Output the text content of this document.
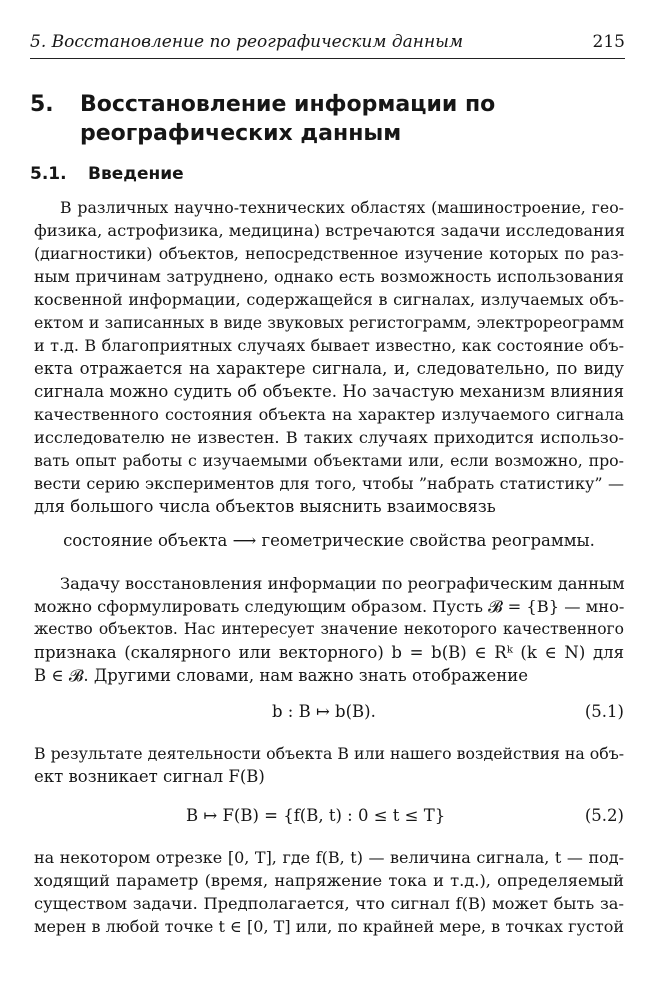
5. Восстановление по реографическим данным	215
5. Восстановление информации по реографических данным
5.1. Введение
В различных научно-технических областях (машиностроение, гео-
физика, астрофизика, медицина) встречаются задачи исследования
(диагностики) объектов, непосредственное изучение которых по раз-
ным причинам затруднено, однако есть возможность использования
косвенной информации, содержащейся в сигналах, излучаемых объ-
ектом и записанных в виде звуковых регистограмм, электрореограмм
и т.д. В благоприятных случаях бывает известно, как состояние объ-
екта отражается на характере сигнала, и, следовательно, по виду
сигнала можно судить об объекте. Но зачастую механизм влияния
качественного состояния объекта на характер излучаемого сигнала
исследователю не известен. В таких случаях приходится использо-
вать опыт работы с изучаемыми объектами или, если возможно, про-
вести серию экспериментов для того, чтобы ”набрать статистику” —
для большого числа объектов выяснить взаимосвязь
состояние объекта ⟶ геометрические свойства реограммы.
Задачу восстановления информации по реографическим данным
можно сформулировать следующим образом. Пусть 𝓑 = {B} — мно-
жество объектов. Нас интересует значение некоторого качественного
признака (скалярного или векторного) b = b(B) ∈ Rᵏ (k ∈ N) для
B ∈ 𝓑. Другими словами, нам важно знать отображение
b : B ↦ b(B).	(5.1)
В результате деятельности объекта B или нашего воздействия на объ-
ект возникает сигнал F(B)
B ↦ F(B) = {f(B, t) : 0 ≤ t ≤ T}	(5.2)
на некотором отрезке [0, T], где f(B, t) — величина сигнала, t — под-
ходящий параметр (время, напряжение тока и т.д.), определяемый
существом задачи. Предполагается, что сигнал f(B) может быть за-
мерен в любой точке t ∈ [0, T] или, по крайней мере, в точках густой
